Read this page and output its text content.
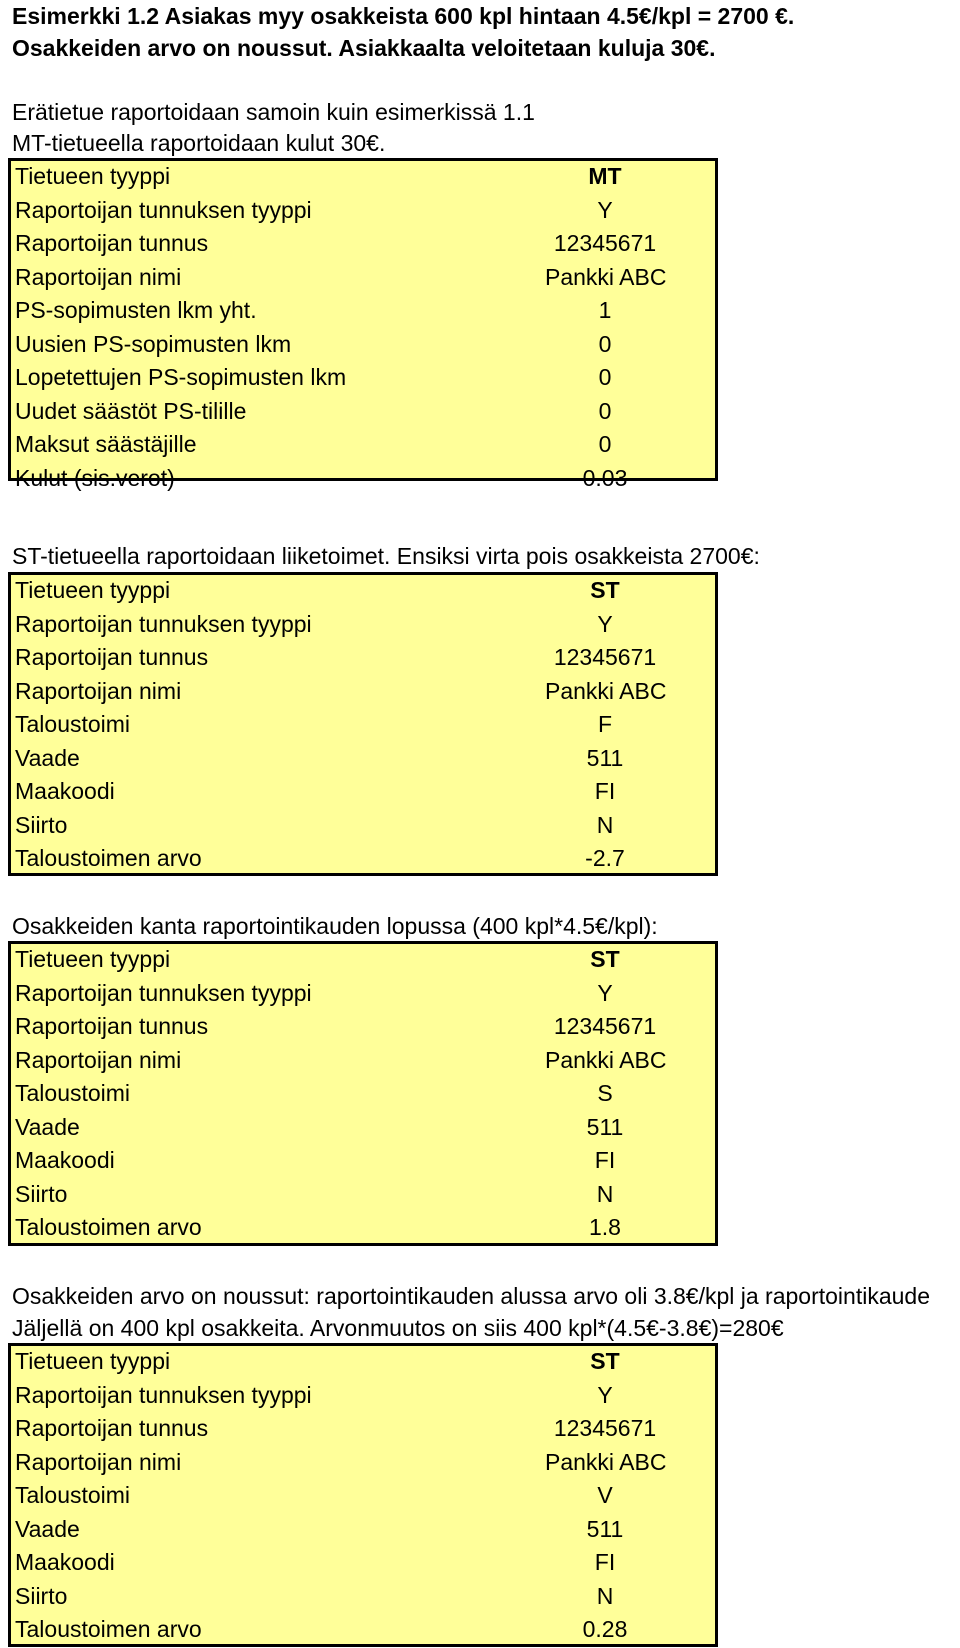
Esimerkki 1.2 Asiakas myy osakkeista 600 kpl hintaan 4.5€/kpl = 2700 €.
Osakkeiden arvo on noussut. Asiakkaalta veloitetaan kuluja 30€.
Erätietue raportoidaan samoin kuin esimerkissä 1.1
MT-tietueella raportoidaan kulut 30€.
Tietueen tyyppi	MT
Raportoijan tunnuksen tyyppi	Y
Raportoijan tunnus	12345671
Raportoijan nimi	Pankki ABC
PS-sopimusten lkm yht.	1
Uusien PS-sopimusten lkm	0
Lopetettujen PS-sopimusten lkm	0
Uudet säästöt PS-tilille	0
Maksut säästäjille	0
Kulut (sis.verot)	0.03
ST-tietueella raportoidaan liiketoimet. Ensiksi virta pois osakkeista 2700€:
Tietueen tyyppi	ST
Raportoijan tunnuksen tyyppi	Y
Raportoijan tunnus	12345671
Raportoijan nimi	Pankki ABC
Taloustoimi	F
Vaade	511
Maakoodi	FI
Siirto	N
Taloustoimen arvo	-2.7
Osakkeiden kanta raportointikauden lopussa (400 kpl*4.5€/kpl):
Tietueen tyyppi	ST
Raportoijan tunnuksen tyyppi	Y
Raportoijan tunnus	12345671
Raportoijan nimi	Pankki ABC
Taloustoimi	S
Vaade	511
Maakoodi	FI
Siirto	N
Taloustoimen arvo	1.8
Osakkeiden arvo on noussut: raportointikauden alussa arvo oli 3.8€/kpl ja raportointikaude
Jäljellä on 400 kpl osakkeita. Arvonmuutos on siis 400 kpl*(4.5€-3.8€)=280€
Tietueen tyyppi	ST
Raportoijan tunnuksen tyyppi	Y
Raportoijan tunnus	12345671
Raportoijan nimi	Pankki ABC
Taloustoimi	V
Vaade	511
Maakoodi	FI
Siirto	N
Taloustoimen arvo	0.28
